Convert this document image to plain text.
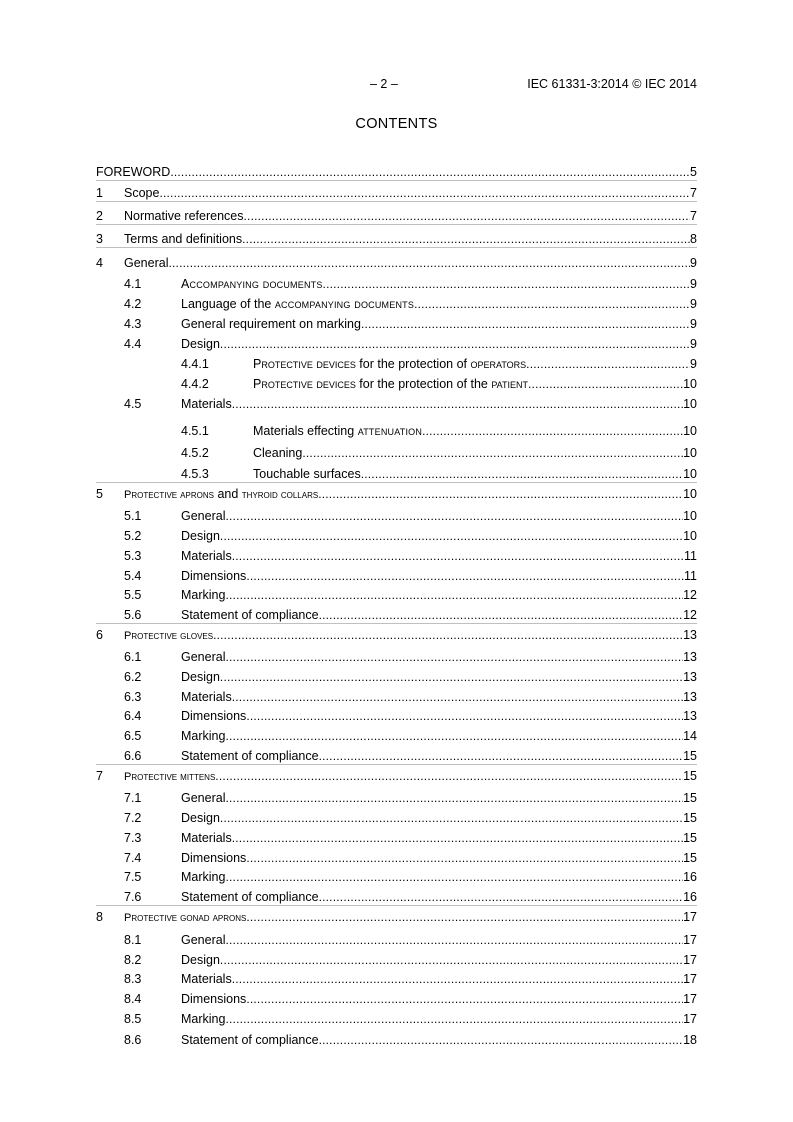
– 2 –	IEC 61331-3:2014 © IEC 2014
CONTENTS
FOREWORD .....	5
1 Scope .....	7
2 Normative references .....	7
3 Terms and definitions .....	8
4 General .....	9
4.1	Accompanying documents .....	9
4.2	Language of the accompanying documents .....	9
4.3	General requirement on marking .....	9
4.4	Design .....	9
4.4.1	Protective devices for the protection of operators .....	9
4.4.2	Protective devices for the protection of the patient .....	10
4.5	Materials .....	10
4.5.1	Materials effecting attenuation .....	10
4.5.2	Cleaning .....	10
4.5.3	Touchable surfaces .....	10
5 Protective aprons and thyroid collars .....	10
5.1	General .....	10
5.2	Design .....	10
5.3	Materials .....	11
5.4	Dimensions .....	11
5.5	Marking .....	12
5.6	Statement of compliance .....	12
6 Protective gloves .....	13
6.1	General .....	13
6.2	Design .....	13
6.3	Materials .....	13
6.4	Dimensions .....	13
6.5	Marking .....	14
6.6	Statement of compliance .....	15
7 Protective mittens .....	15
7.1	General .....	15
7.2	Design .....	15
7.3	Materials .....	15
7.4	Dimensions .....	15
7.5	Marking .....	16
7.6	Statement of compliance .....	16
8 Protective gonad aprons .....	17
8.1	General .....	17
8.2	Design .....	17
8.3	Materials .....	17
8.4	Dimensions .....	17
8.5	Marking .....	17
8.6	Statement of compliance .....	18
